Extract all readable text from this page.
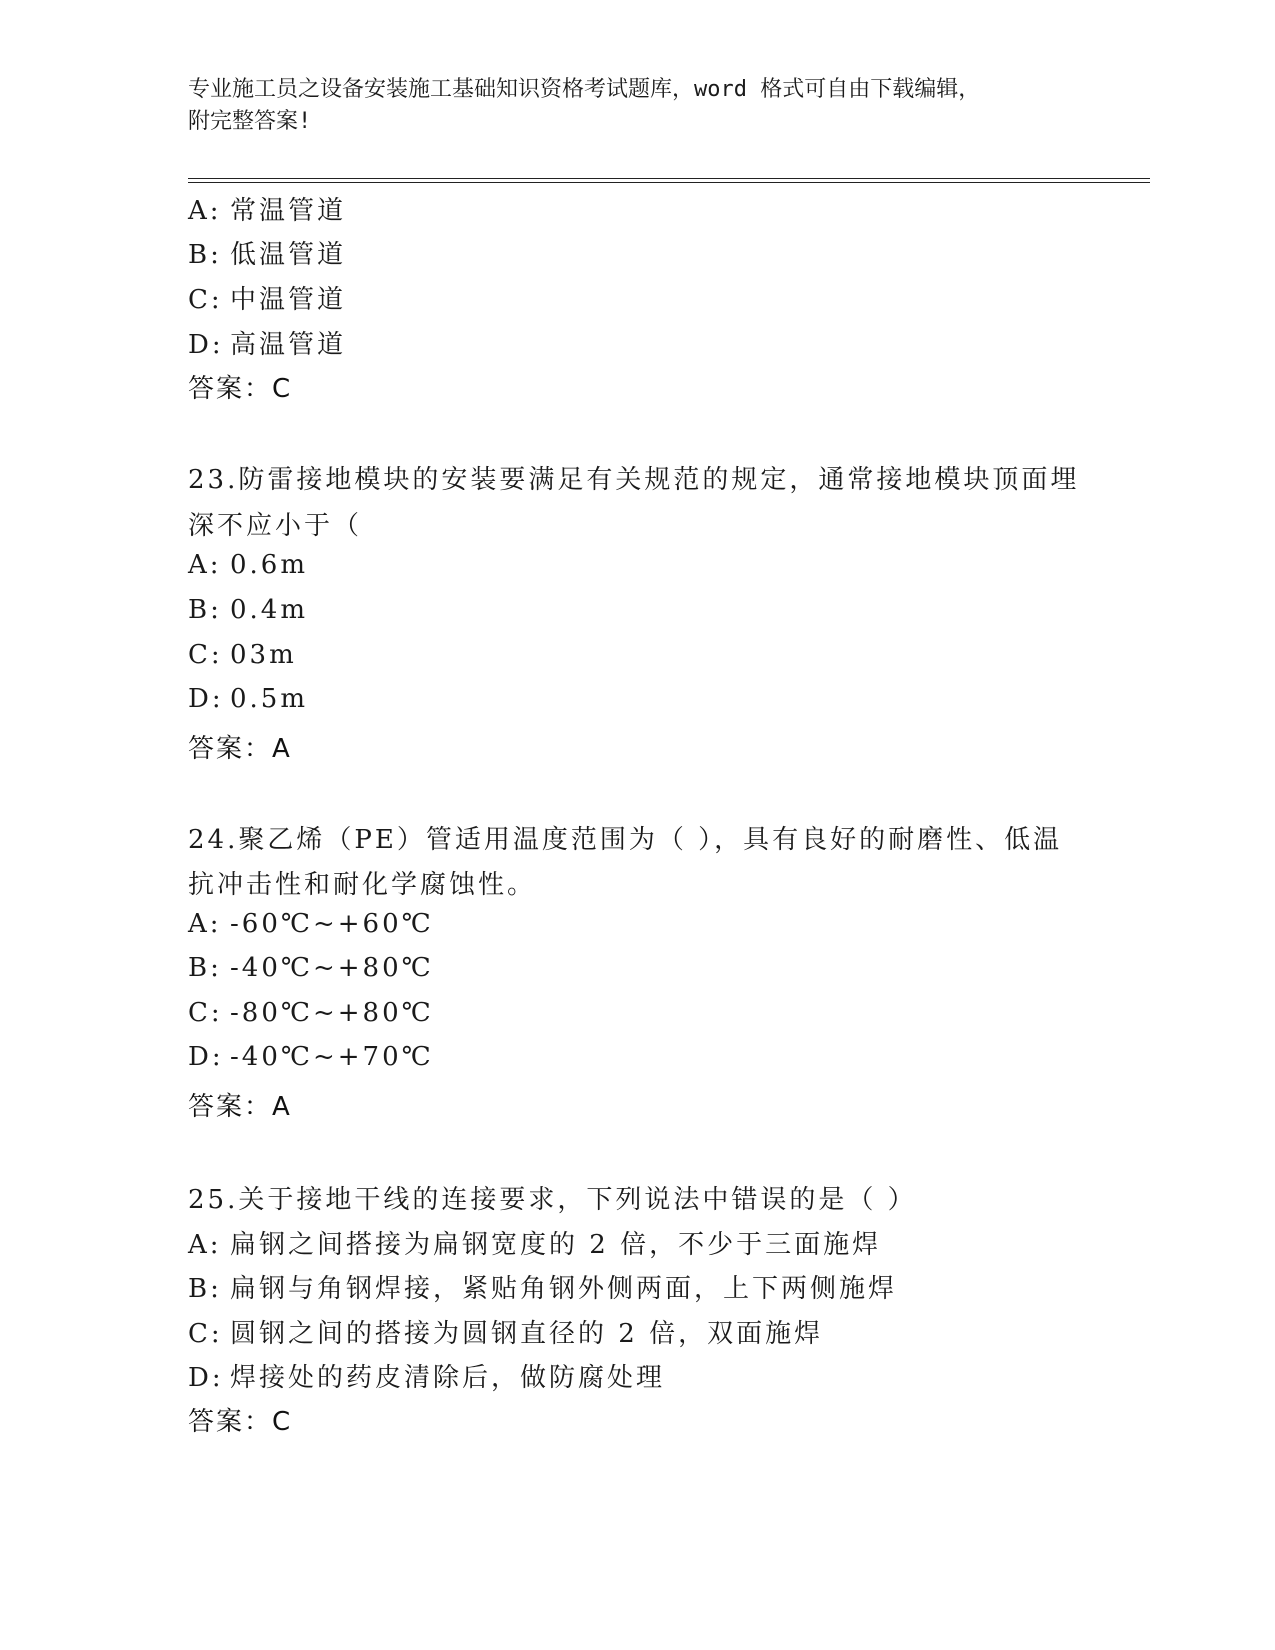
专业施工员之设备安装施工基础知识资格考试题库，word 格式可自由下载编辑，
附完整答案!
A: 常温管道
B: 低温管道
C: 中温管道
D: 高温管道
答案：C
23.防雷接地模块的安装要满足有关规范的规定，通常接地模块顶面埋
深不应小于（
A: 0.6m
B: 0.4m
C: 03m
D: 0.5m
答案：A
24.聚乙烯（PE）管适用温度范围为（ ），具有良好的耐磨性、低温
抗冲击性和耐化学腐蚀性。
A: -60℃~+60℃
B: -40℃~+80℃
C: -80℃~+80℃
D: -40℃~+70℃
答案：A
25.关于接地干线的连接要求，下列说法中错误的是（ ）
A: 扁钢之间搭接为扁钢宽度的 2 倍，不少于三面施焊
B: 扁钢与角钢焊接，紧贴角钢外侧两面，上下两侧施焊
C: 圆钢之间的搭接为圆钢直径的 2 倍，双面施焊
D: 焊接处的药皮清除后，做防腐处理
答案：C
